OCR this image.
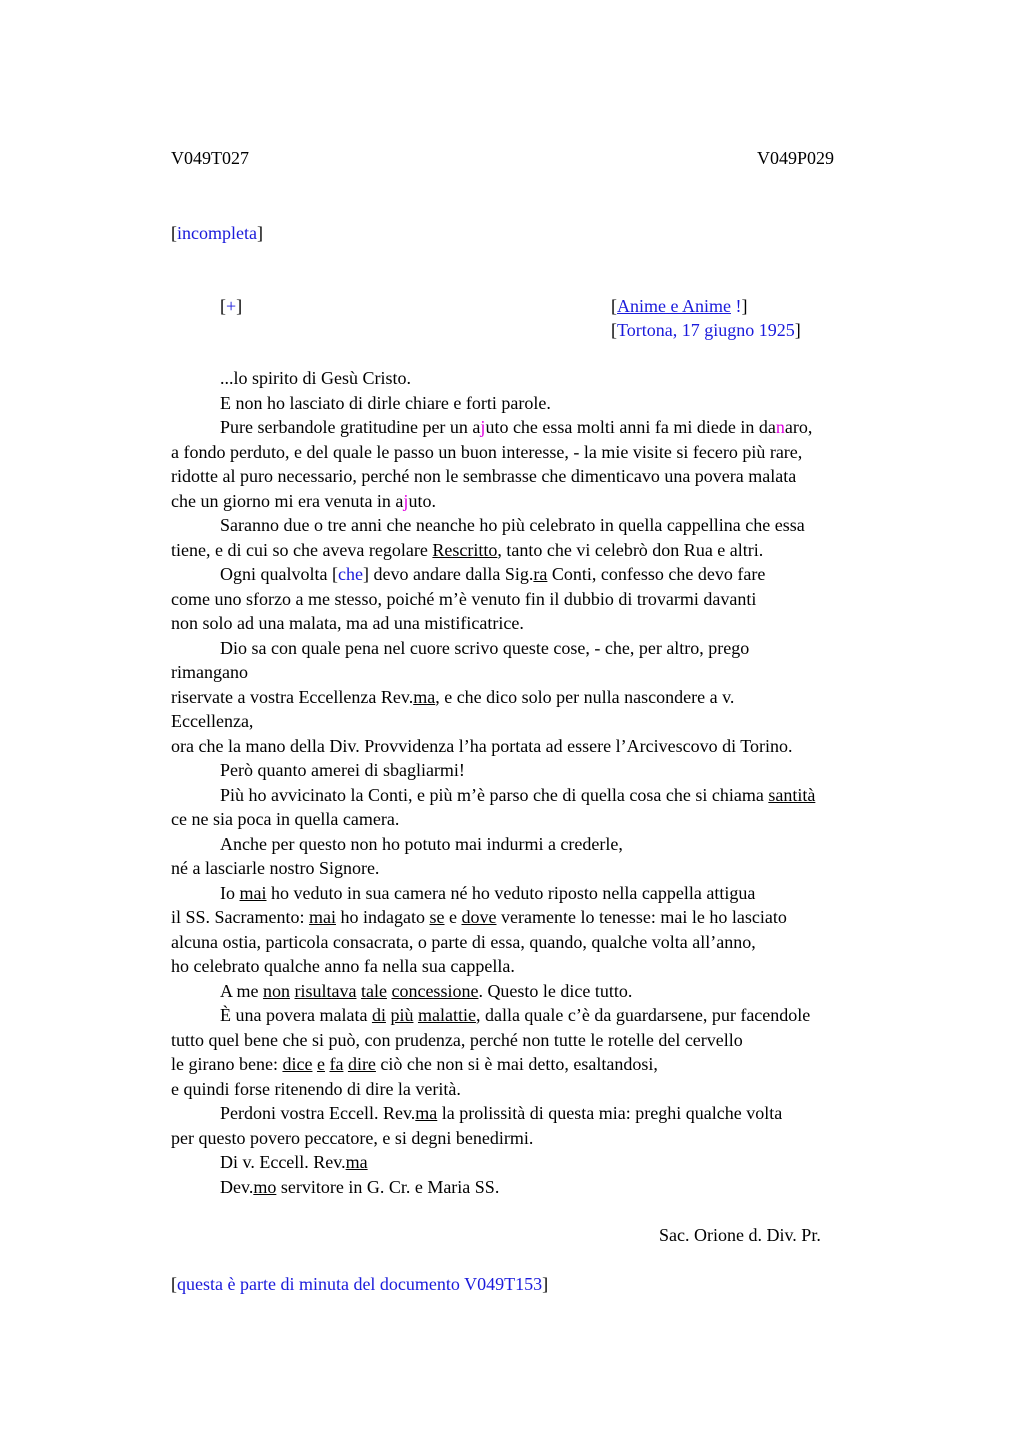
V049T027	V049P029
[incompleta]
[+]	[Anime e Anime !]
[Tortona, 17 giugno 1925]
...lo spirito di Gesù Cristo.
E non ho lasciato di dirle chiare e forti parole.
Pure serbandole gratitudine per un ajuto che essa molti anni fa mi diede in danaro,
a fondo perduto, e del quale le passo un buon interesse, - la mie visite si fecero più rare,
ridotte al puro necessario, perché non le sembrasse che dimenticavo una povera malata
che un giorno mi era venuta in ajuto.
Saranno due o tre anni che neanche ho più celebrato in quella cappellina che essa
tiene, e di cui so che aveva regolare Rescritto, tanto che vi celebrò don Rua e altri.
Ogni qualvolta [che] devo andare dalla Sig.ra Conti, confesso che devo fare
come uno sforzo a me stesso, poiché m’è venuto fin il dubbio di trovarmi davanti
non solo ad una malata, ma ad una mistificatrice.
Dio sa con quale pena nel cuore scrivo queste cose, - che, per altro, prego
rimangano
riservate a vostra Eccellenza Rev.ma, e che dico solo per nulla nascondere a v.
Eccellenza,
ora che la mano della Div. Provvidenza l’ha portata ad essere l’Arcivescovo di Torino.
Però quanto amerei di sbagliarmi!
Più ho avvicinato la Conti, e più m’è parso che di quella cosa che si chiama santità
ce ne sia poca in quella camera.
Anche per questo non ho potuto mai indurmi a crederle,
né a lasciarle nostro Signore.
Io mai ho veduto in sua camera né ho veduto riposto nella cappella attigua
il SS. Sacramento: mai ho indagato se e dove veramente lo tenesse: mai le ho lasciato
alcuna ostia, particola consacrata, o parte di essa, quando, qualche volta all’anno,
ho celebrato qualche anno fa nella sua cappella.
A me non risultava tale concessione. Questo le dice tutto.
È una povera malata di più malattie, dalla quale c’è da guardarsene, pur facendole
tutto quel bene che si può, con prudenza, perché non tutte le rotelle del cervello
le girano bene: dice e fa dire ciò che non si è mai detto, esaltandosi,
e quindi forse ritenendo di dire la verità.
Perdoni vostra Eccell. Rev.ma la prolissità di questa mia: preghi qualche volta
per questo povero peccatore, e si degni benedirmi.
Di v. Eccell. Rev.ma
Dev.mo servitore in G. Cr. e Maria SS.
Sac. Orione d. Div. Pr.
[questa è parte di minuta del documento V049T153]
